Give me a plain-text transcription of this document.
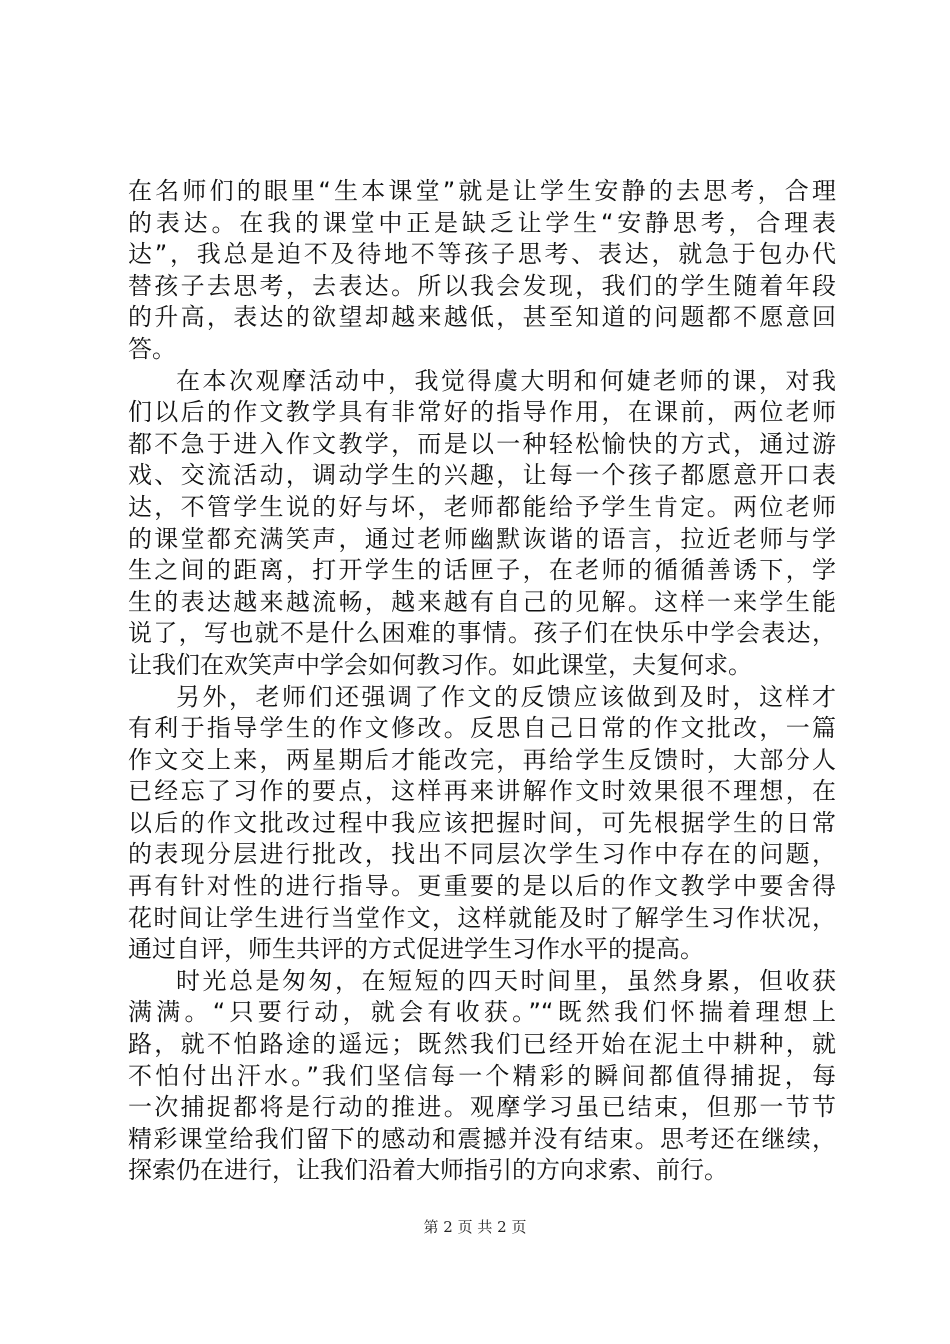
在名师们的眼里“生本课堂”就是让学生安静的去思考，合理
的表达。在我的课堂中正是缺乏让学生“安静思考，合理表
达”，我总是迫不及待地不等孩子思考、表达，就急于包办代
替孩子去思考，去表达。所以我会发现，我们的学生随着年段
的升高，表达的欲望却越来越低，甚至知道的问题都不愿意回
答。
在本次观摩活动中，我觉得虞大明和何婕老师的课，对我
们以后的作文教学具有非常好的指导作用，在课前，两位老师
都不急于进入作文教学，而是以一种轻松愉快的方式，通过游
戏、交流活动，调动学生的兴趣，让每一个孩子都愿意开口表
达，不管学生说的好与坏，老师都能给予学生肯定。两位老师
的课堂都充满笑声，通过老师幽默诙谐的语言，拉近老师与学
生之间的距离，打开学生的话匣子，在老师的循循善诱下，学
生的表达越来越流畅，越来越有自己的见解。这样一来学生能
说了，写也就不是什么困难的事情。孩子们在快乐中学会表达，
让我们在欢笑声中学会如何教习作。如此课堂，夫复何求。
另外，老师们还强调了作文的反馈应该做到及时，这样才
有利于指导学生的作文修改。反思自己日常的作文批改，一篇
作文交上来，两星期后才能改完，再给学生反馈时，大部分人
已经忘了习作的要点，这样再来讲解作文时效果很不理想，在
以后的作文批改过程中我应该把握时间，可先根据学生的日常
的表现分层进行批改，找出不同层次学生习作中存在的问题，
再有针对性的进行指导。更重要的是以后的作文教学中要舍得
花时间让学生进行当堂作文，这样就能及时了解学生习作状况，
通过自评，师生共评的方式促进学生习作水平的提高。
时光总是匆匆，在短短的四天时间里，虽然身累，但收获
满满。“只要行动，就会有收获。”“既然我们怀揣着理想上
路，就不怕路途的遥远；既然我们已经开始在泥土中耕种，就
不怕付出汗水。”我们坚信每一个精彩的瞬间都值得捕捉，每
一次捕捉都将是行动的推进。观摩学习虽已结束，但那一节节
精彩课堂给我们留下的感动和震撼并没有结束。思考还在继续，
探索仍在进行，让我们沿着大师指引的方向求索、前行。
第 2 页 共 2 页
